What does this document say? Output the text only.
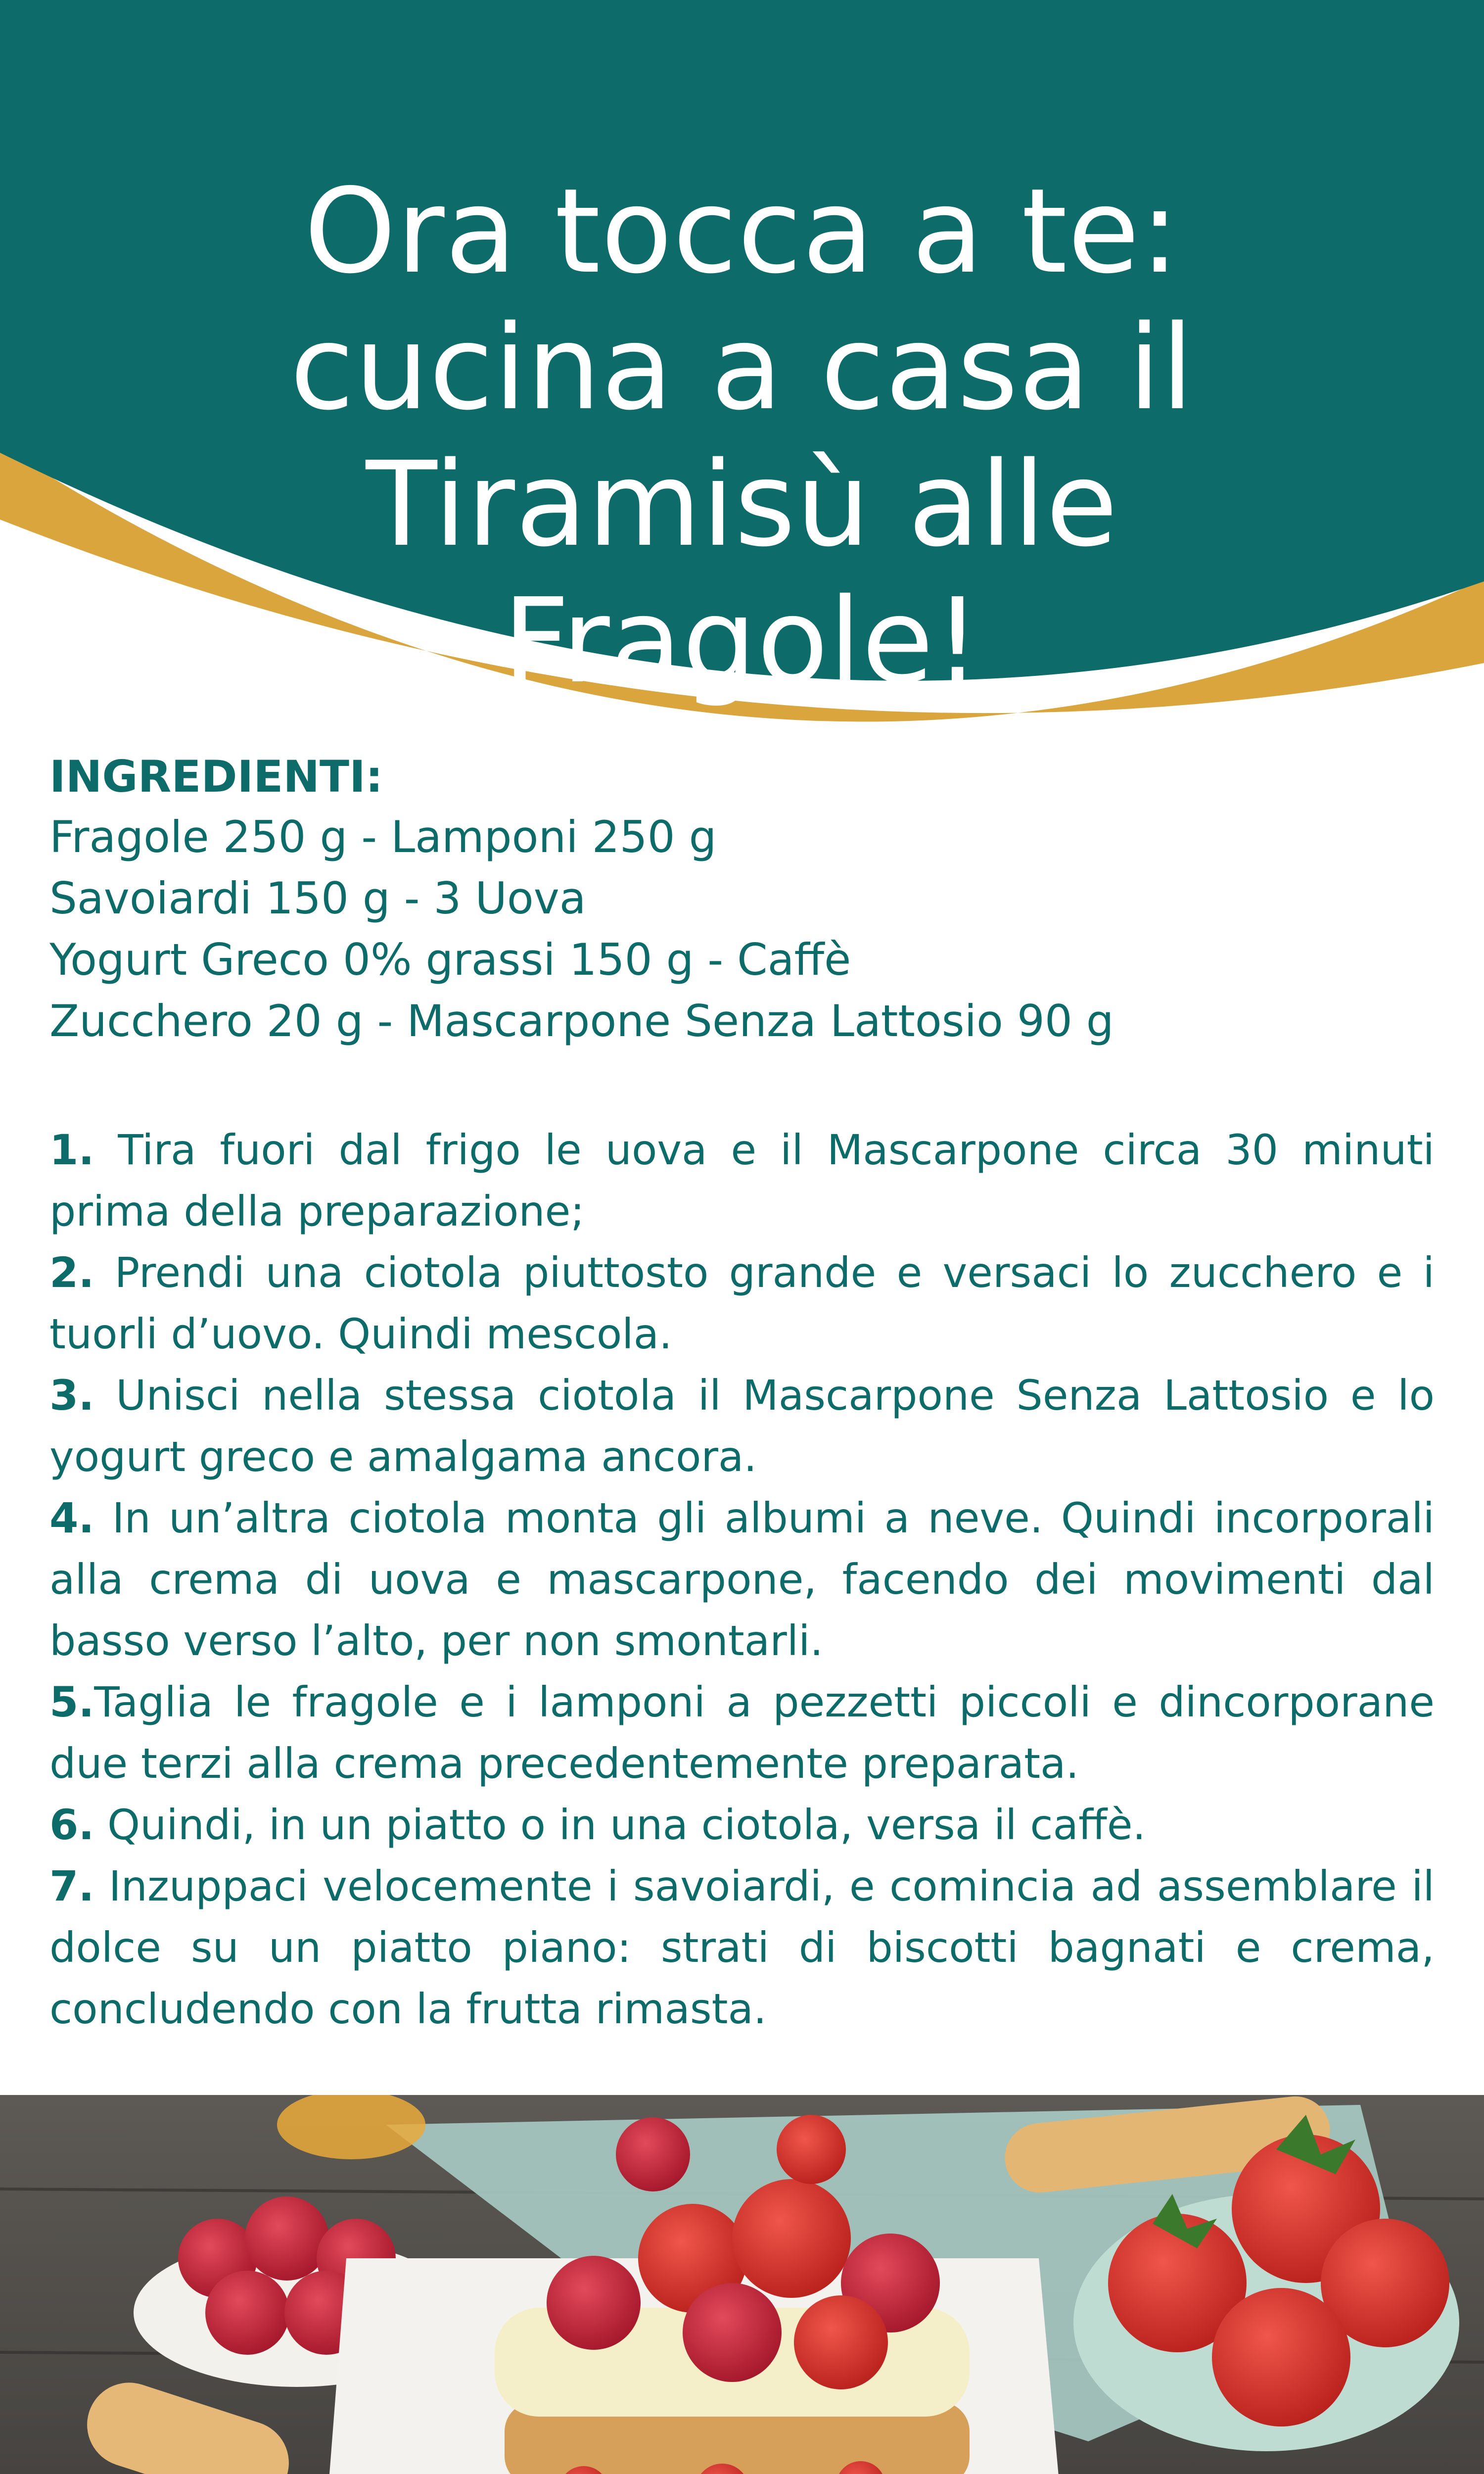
Ora tocca a te:
cucina a casa il
Tiramisù alle
Fragole!

INGREDIENTI:

Fragole 250 g - Lamponi 250 g

Savoiardi 150 g - 3 Uova

Yogurt Greco 0% grassi 150 g - Caffè

Zucchero 20 g - Mascarpone Senza Lattosio 90 g

1. Tira fuori dal frigo le uova e il Mascarpone circa 30 minuti prima della preparazione;

2. Prendi una ciotola piuttosto grande e versaci lo zucchero e i tuorli d’uovo. Quindi mescola.

3. Unisci nella stessa ciotola il Mascarpone Senza Lattosio e lo yogurt greco e amalgama ancora.

4. In un’altra ciotola monta gli albumi a neve. Quindi incorporali alla crema di uova e mascarpone, facendo dei movimenti dal basso verso l’alto, per non smontarli.

5.Taglia le fragole e i lamponi a pezzetti piccoli e dincorporane due terzi alla crema precedentemente preparata.

6. Quindi, in un piatto o in una ciotola, versa il caffè.

7. Inzuppaci velocemente i savoiardi, e comincia ad assemblare il dolce su un piatto piano: strati di biscotti bagnati e crema, concludendo con la frutta rimasta.
